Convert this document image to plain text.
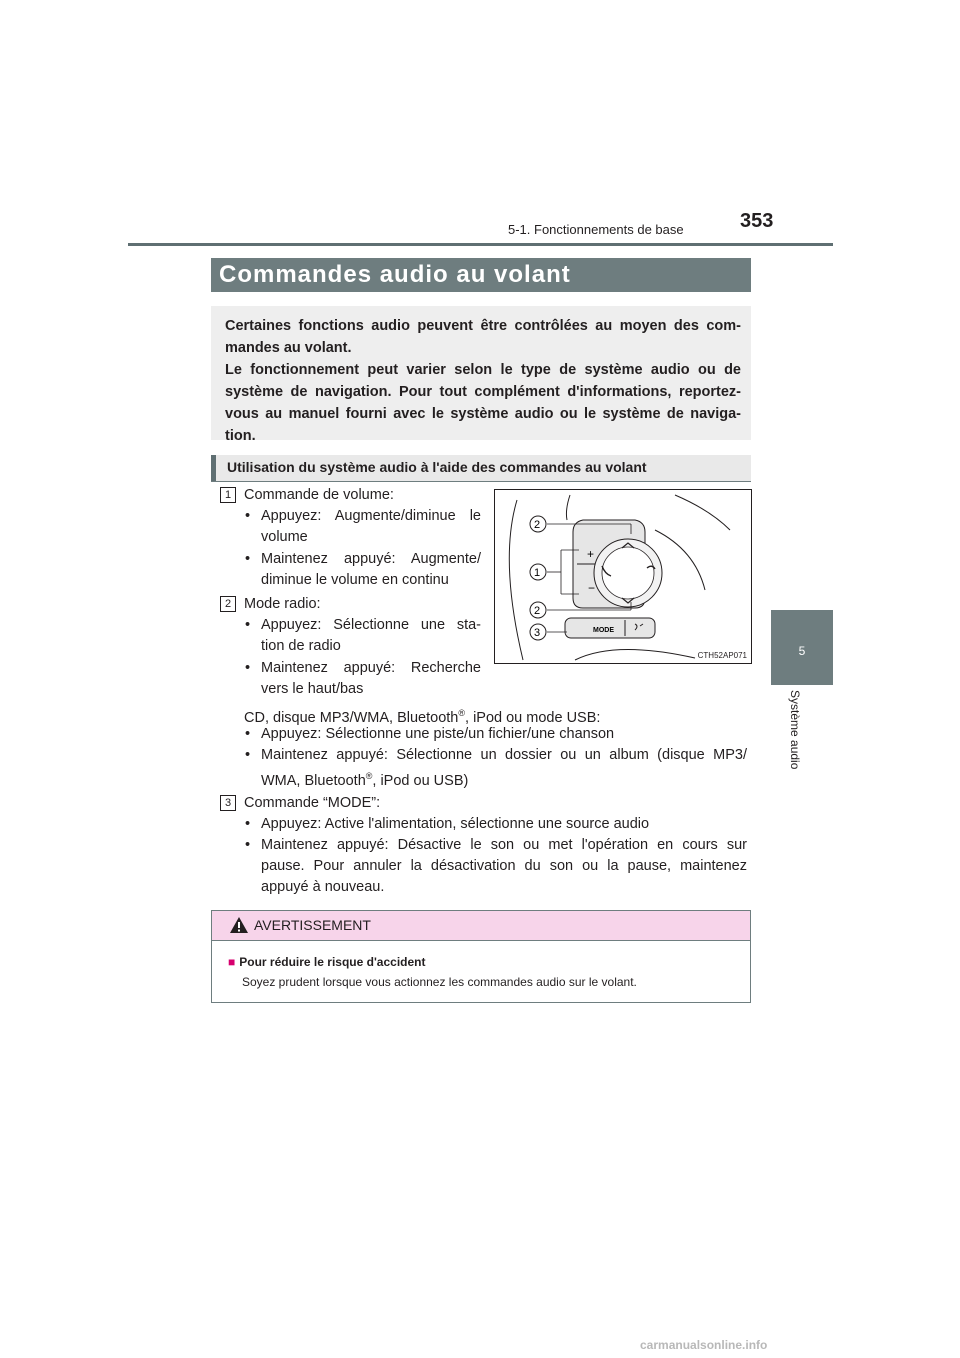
5-1. Fonctionnements de base	353
5
Système audio
Commandes audio au volant

Certaines fonctions audio peuvent être contrôlées au moyen des com-

mandes au volant.

Le fonctionnement peut varier selon le type de système audio ou de

système de navigation. Pour tout complément d'informations, reportez-

vous au manuel fourni avec le système audio ou le système de naviga-

tion.

Utilisation du système audio à l'aide des commandes au volant
1 Commande de volume:
• Appuyez: Augmente/diminue le
volume
• Maintenez appuyé: Augmente/
diminue le volume en continu
2 Mode radio:
• Appuyez: Sélectionne une sta-
tion de radio
• Maintenez appuyé: Recherche
vers le haut/bas
CD, disque MP3/WMA, Bluetooth®, iPod ou mode USB:
• Appuyez: Sélectionne une piste/un fichier/une chanson
• Maintenez appuyé: Sélectionne un dossier ou un album (disque MP3/
WMA, Bluetooth®, iPod ou USB)
3 Commande “MODE”:
• Appuyez: Active l'alimentation, sélectionne une source audio
• Maintenez appuyé: Désactive le son ou met l'opération en cours sur
pause. Pour annuler la désactivation du son ou la pause, maintenez
appuyé à nouveau.
+
−
MODE
2
1
2
3
CTH52AP071
AVERTISSEMENT
■ Pour réduire le risque d'accident
Soyez prudent lorsque vous actionnez les commandes audio sur le volant.
carmanualsonline.info
